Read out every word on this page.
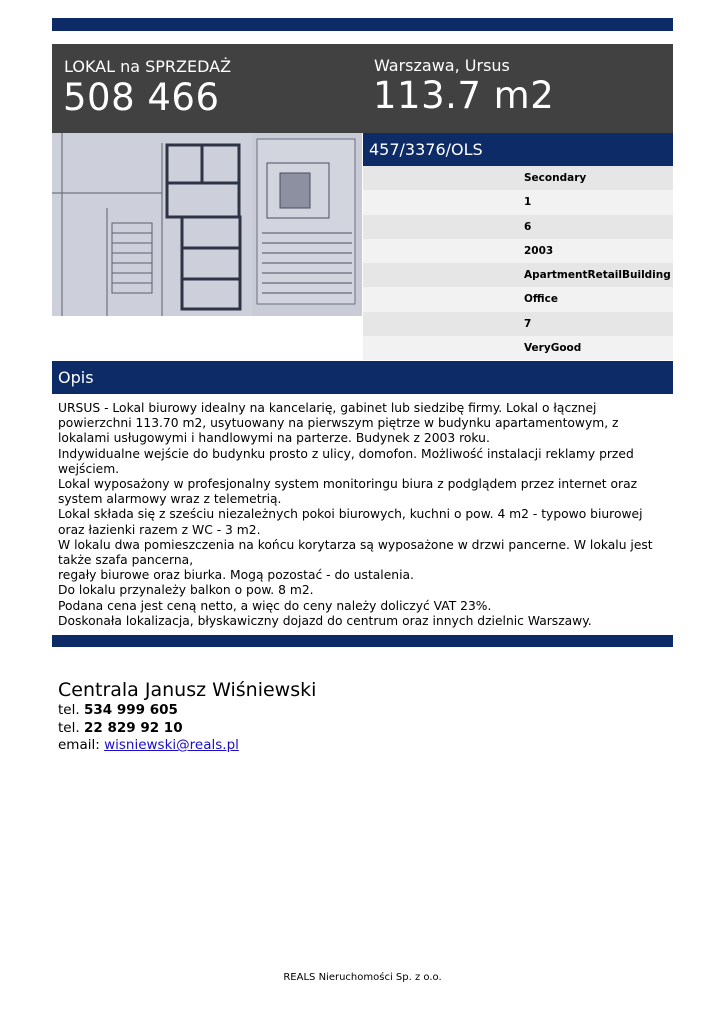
LOKAL na SPRZEDAŻ
508 466
Warszawa, Ursus
113.7 m2
457/3376/OLS
Secondary
1
6
2003
ApartmentRetailBuilding
Office
7
VeryGood
Opis

URSUS - Lokal biurowy idealny na kancelarię, gabinet lub siedzibę firmy. Lokal o łącznej

powierzchni 113.70 m2, usytuowany na pierwszym piętrze w budynku apartamentowym, z

lokalami usługowymi i handlowymi na parterze. Budynek z 2003 roku.

Indywidualne wejście do budynku prosto z ulicy, domofon. Możliwość instalacji reklamy przed

wejściem.

Lokal wyposażony w profesjonalny system monitoringu biura z podglądem przez internet oraz

system alarmowy wraz z telemetrią.

Lokal składa się z sześciu niezależnych pokoi biurowych, kuchni o pow. 4 m2 - typowo biurowej

oraz łazienki razem z WC - 3 m2.

W lokalu dwa pomieszczenia na końcu korytarza są wyposażone w drzwi pancerne. W lokalu jest

także szafa pancerna,

regały biurowe oraz biurka. Mogą pozostać - do ustalenia.

Do lokalu przynależy balkon o pow. 8 m2.

Podana cena jest ceną netto, a więc do ceny należy doliczyć VAT 23%.

Doskonała lokalizacja, błyskawiczny dojazd do centrum oraz innych dzielnic Warszawy.

Centrala Janusz Wiśniewski
tel. 534 999 605
tel. 22 829 92 10
email: wisniewski@reals.pl
REALS Nieruchomości Sp. z o.o.
